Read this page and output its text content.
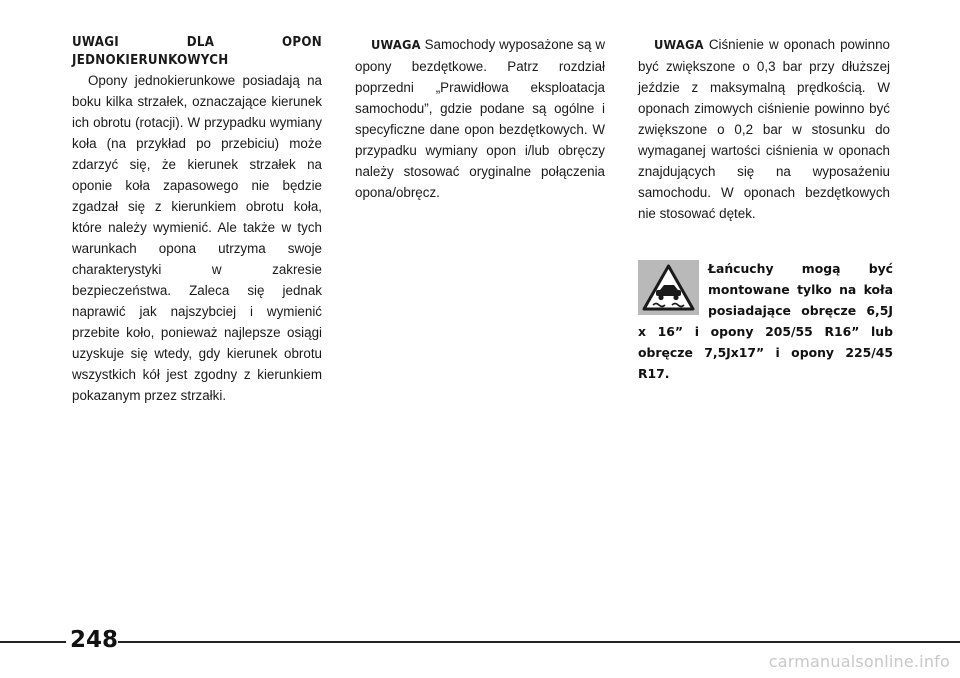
UWAGI DLA OPON JEDNOKIERUNKOWYCH

Opony jednokierunkowe posiadają na boku kilka strzałek, oznaczające kierunek ich obrotu (rotacji). W przypadku wymiany koła (na przykład po przebiciu) może zdarzyć się, że kierunek strzałek na oponie koła zapasowego nie będzie zgadzał się z kierunkiem obrotu koła, które należy wymienić. Ale także w tych warunkach opona utrzyma swoje charakterystyki w zakresie bezpieczeństwa. Zaleca się jednak naprawić jak najszybciej i wymienić przebite koło, ponieważ najlepsze osiągi uzyskuje się wtedy, gdy kierunek obrotu wszystkich kół jest zgodny z kierunkiem pokazanym przez strzałki.

UWAGA Samochody wyposażone są w opony bezdętkowe. Patrz rozdział poprzedni „Prawidłowa eksploatacja samochodu”, gdzie podane są ogólne i specyficzne dane opon bezdętkowych. W przypadku wymiany opon i/lub obręczy należy stosować oryginalne połączenia opona/obręcz.

UWAGA Ciśnienie w oponach powinno być zwiększone o 0,3 bar przy dłuższej jeździe z maksymalną prędkością. W oponach zimowych ciśnienie powinno być zwiększone o 0,2 bar w stosunku do wymaganej wartości ciśnienia w oponach znajdujących się na wyposażeniu samochodu. W oponach bezdętkowych nie stosować dętek.

Łańcuchy mogą być montowane tylko na koła posiadające obręcze 6,5J x 16” i opony 205/55 R16” lub obręcze 7,5Jx17” i opony 225/45 R17.
248
carmanualsonline.info
